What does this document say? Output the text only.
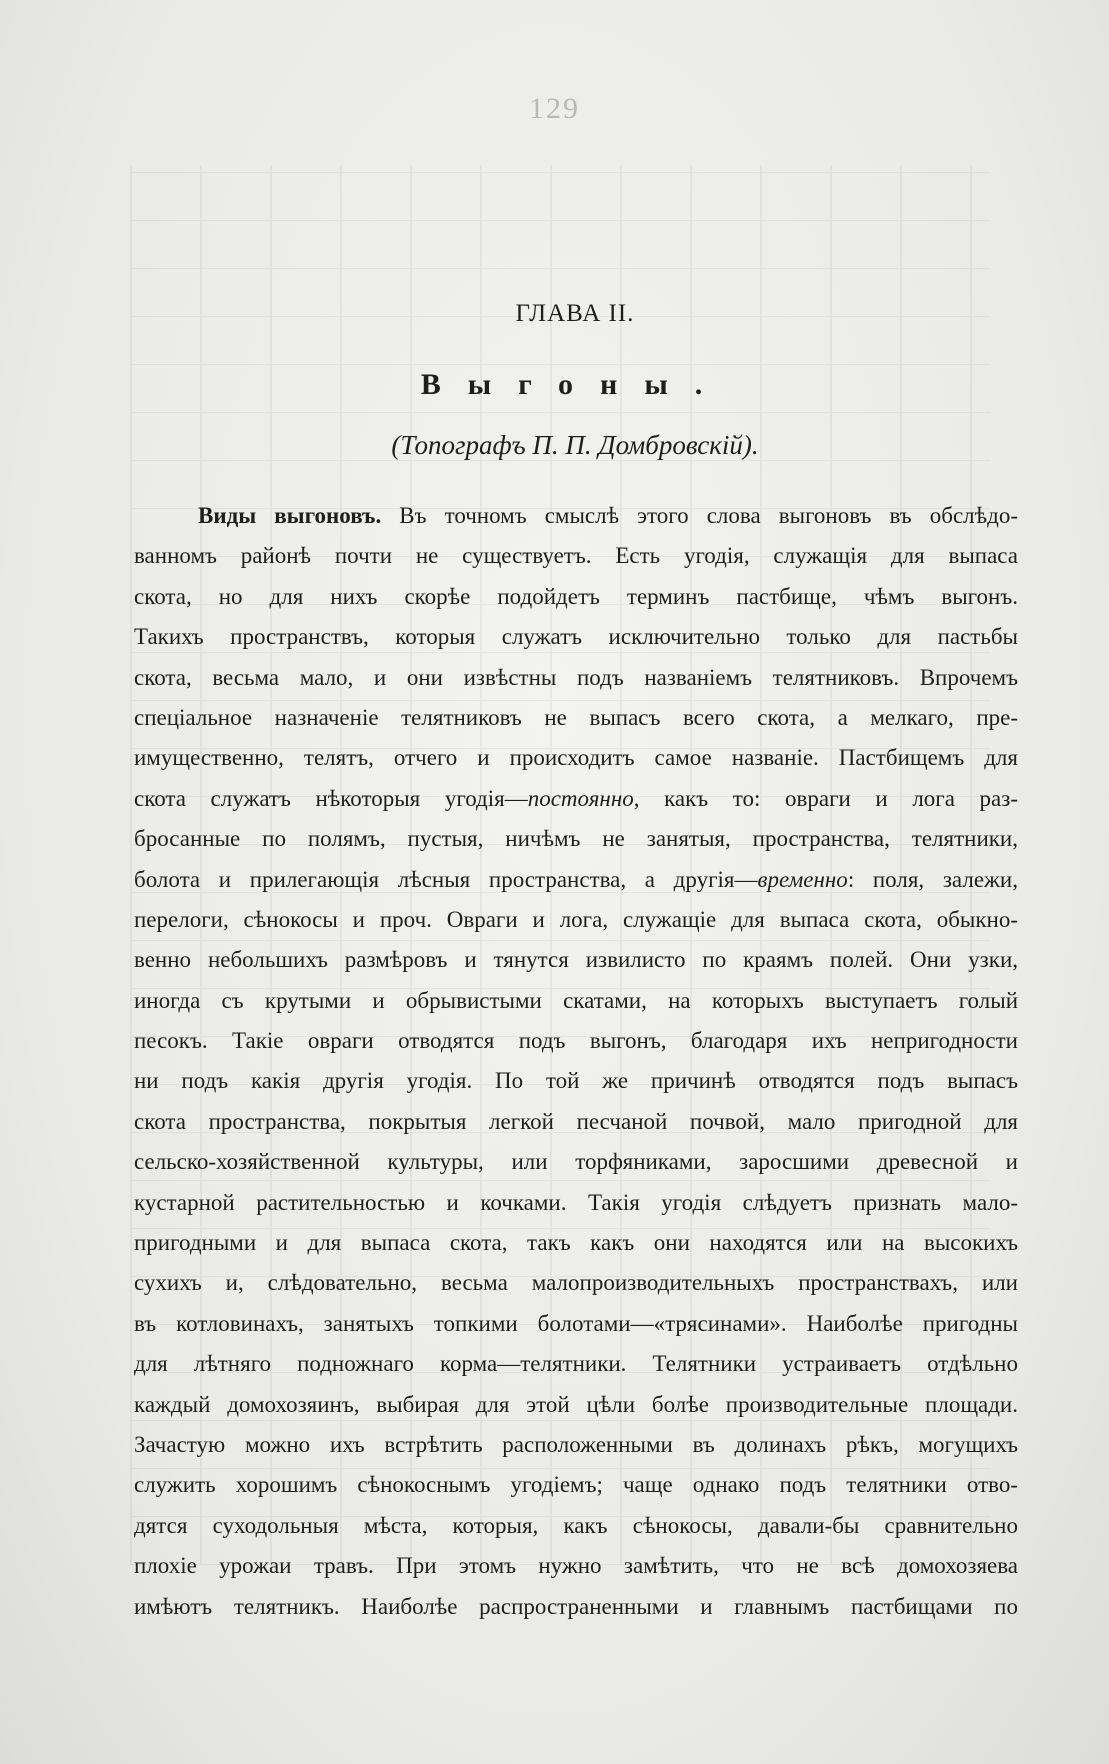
129
ГЛАВА II.
Выгоны.
(Топографъ П. П. Домбровскій).
Виды выгоновъ. Въ точномъ смыслѣ этого слова выгоновъ въ обслѣдо-
ванномъ районѣ почти не существуетъ. Есть угодія, служащія для выпаса
скота, но для нихъ скорѣе подойдетъ терминъ пастбище, чѣмъ выгонъ.
Такихъ пространствъ, которыя служатъ исключительно только для пастьбы
скота, весьма мало, и они извѣстны подъ названіемъ телятниковъ. Впрочемъ
спеціальное назначеніе телятниковъ не выпасъ всего скота, а мелкаго, пре-
имущественно, телятъ, отчего и происходитъ самое названіе. Пастбищемъ для
скота служатъ нѣкоторыя угодія—постоянно, какъ то: овраги и лога раз-
бросанные по полямъ, пустыя, ничѣмъ не занятыя, пространства, телятники,
болота и прилегающія лѣсныя пространства, а другія—временно: поля, залежи,
перелоги, сѣнокосы и проч. Овраги и лога, служащіе для выпаса скота, обыкно-
венно небольшихъ размѣровъ и тянутся извилисто по краямъ полей. Они узки,
иногда съ крутыми и обрывистыми скатами, на которыхъ выступаетъ голый
песокъ. Такіе овраги отводятся подъ выгонъ, благодаря ихъ непригодности
ни подъ какія другія угодія. По той же причинѣ отводятся подъ выпасъ
скота пространства, покрытыя легкой песчаной почвой, мало пригодной для
сельско-хозяйственной культуры, или торфяниками, заросшими древесной и
кустарной растительностью и кочками. Такія угодія слѣдуетъ признать мало-
пригодными и для выпаса скота, такъ какъ они находятся или на высокихъ
сухихъ и, слѣдовательно, весьма малопроизводительныхъ пространствахъ, или
въ котловинахъ, занятыхъ топкими болотами—«трясинами». Наиболѣе пригодны
для лѣтняго подножнаго корма—телятники. Телятники устраиваетъ отдѣльно
каждый домохозяинъ, выбирая для этой цѣли болѣе производительные площади.
Зачастую можно ихъ встрѣтить расположенными въ долинахъ рѣкъ, могущихъ
служить хорошимъ сѣнокоснымъ угодіемъ; чаще однако подъ телятники отво-
дятся суходольныя мѣста, которыя, какъ сѣнокосы, давали-бы сравнительно
плохіе урожаи травъ. При этомъ нужно замѣтить, что не всѣ домохозяева
имѣютъ телятникъ. Наиболѣе распространенными и главнымъ пастбищами по
